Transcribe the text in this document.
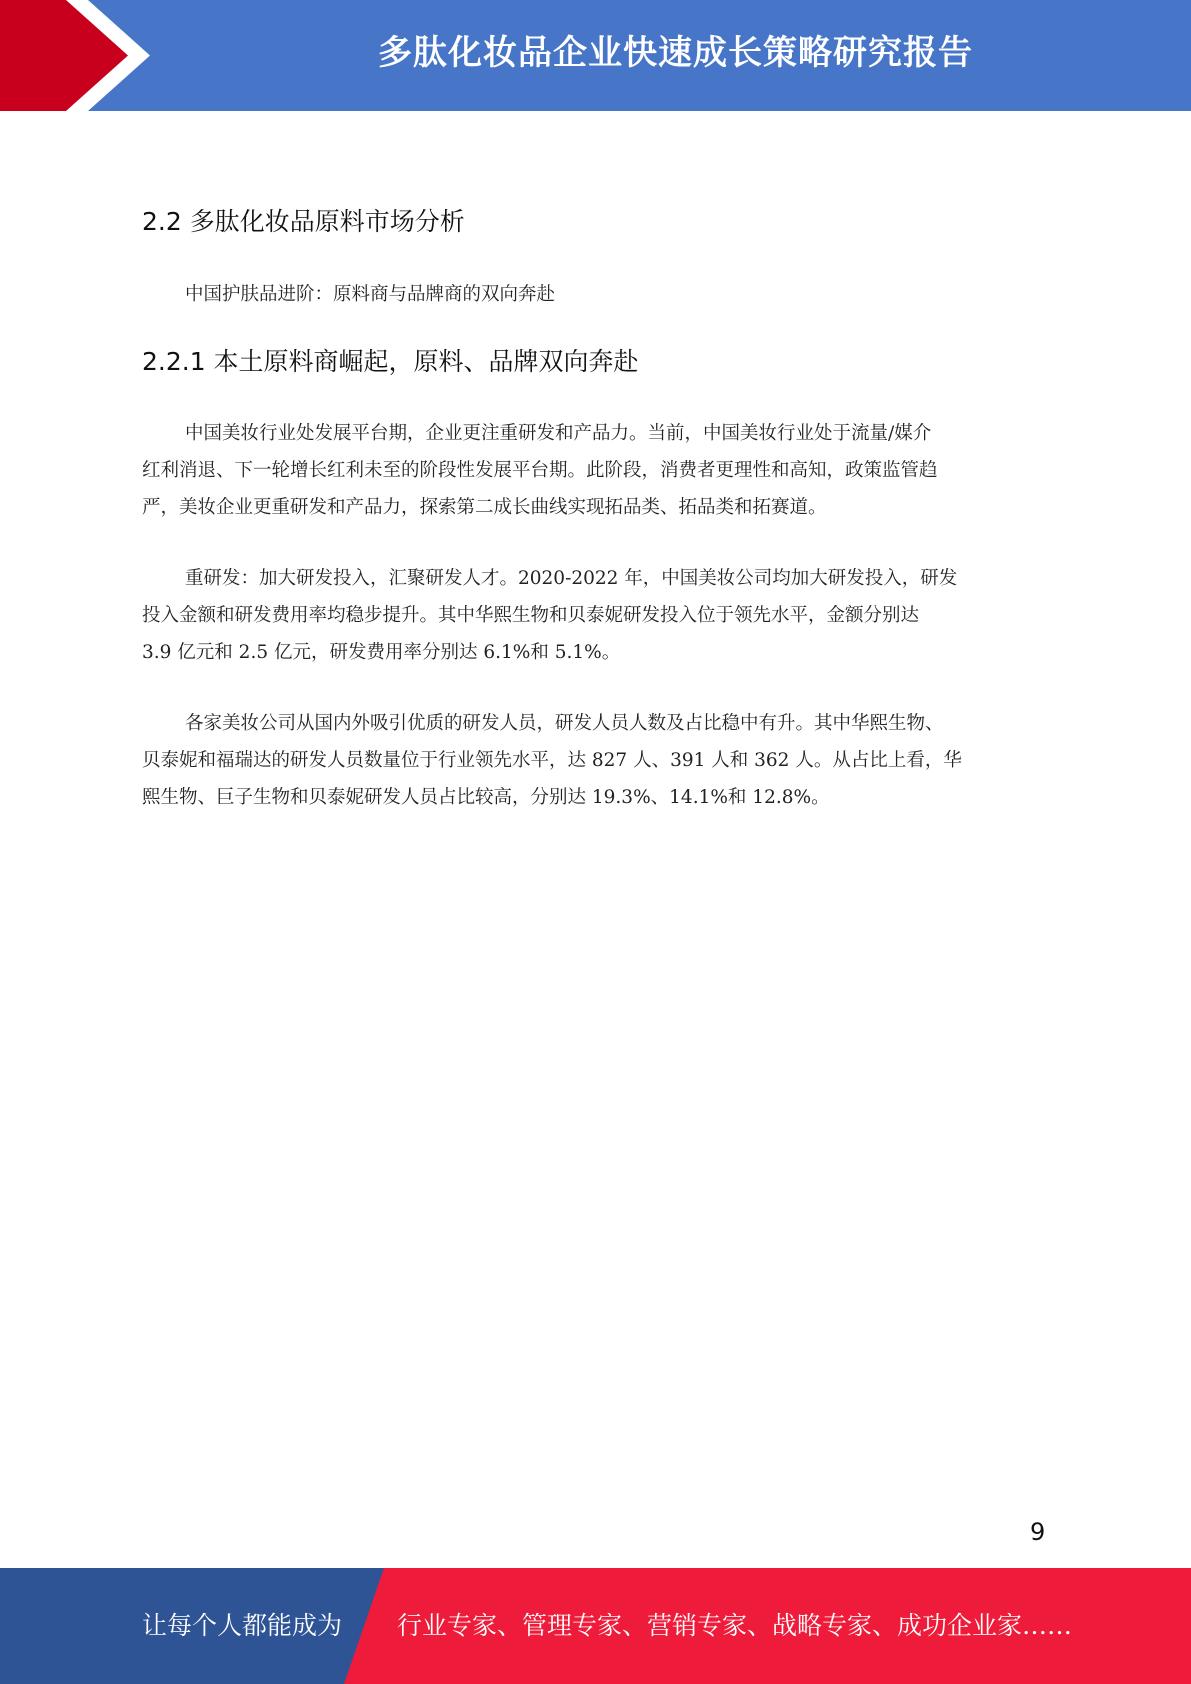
多肽化妆品企业快速成长策略研究报告
2.2 多肽化妆品原料市场分析
中国护肤品进阶：原料商与品牌商的双向奔赴
2.2.1 本土原料商崛起，原料、品牌双向奔赴
中国美妆行业处发展平台期，企业更注重研发和产品力。当前，中国美妆行业处于流量/媒介
红利消退、下一轮增长红利未至的阶段性发展平台期。此阶段，消费者更理性和高知，政策监管趋
严，美妆企业更重研发和产品力，探索第二成长曲线实现拓品类、拓品类和拓赛道。
重研发：加大研发投入，汇聚研发人才。2020-2022 年，中国美妆公司均加大研发投入，研发
投入金额和研发费用率均稳步提升。其中华熙生物和贝泰妮研发投入位于领先水平，金额分别达
3.9 亿元和 2.5 亿元，研发费用率分别达 6.1%和 5.1%。
各家美妆公司从国内外吸引优质的研发人员，研发人员人数及占比稳中有升。其中华熙生物、
贝泰妮和福瑞达的研发人员数量位于行业领先水平，达 827 人、391 人和 362 人。从占比上看，华
熙生物、巨子生物和贝泰妮研发人员占比较高，分别达 19.3%、14.1%和 12.8%。
9
让每个人都能成为 行业专家、管理专家、营销专家、战略专家、成功企业家……
